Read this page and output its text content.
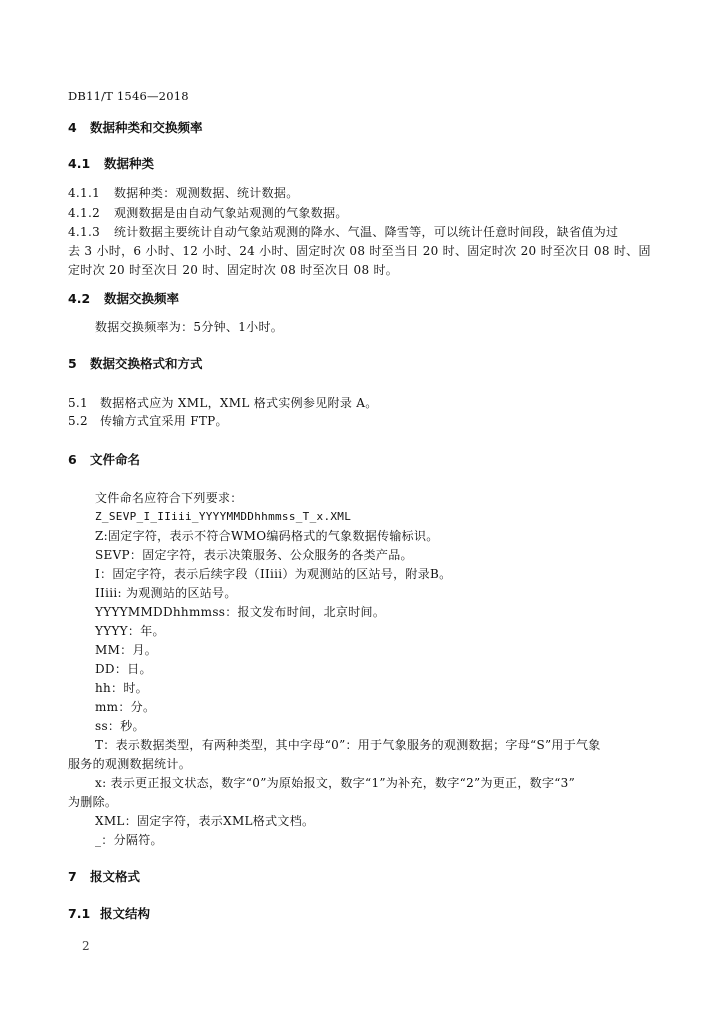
DB11/T 1546—2018
4 数据种类和交换频率
4.1 数据种类
4.1.1 数据种类：观测数据、统计数据。
4.1.2 观测数据是由自动气象站观测的气象数据。
4.1.3 统计数据主要统计自动气象站观测的降水、气温、降雪等，可以统计任意时间段，缺省值为过
去 3 小时，6 小时、12 小时、24 小时、固定时次 08 时至当日 20 时、固定时次 20 时至次日 08 时、固
定时次 20 时至次日 20 时、固定时次 08 时至次日 08 时。
4.2 数据交换频率
数据交换频率为：5分钟、1小时。
5 数据交换格式和方式
5.1 数据格式应为 XML，XML 格式实例参见附录 A。
5.2 传输方式宜采用 FTP。
6 文件命名
文件命名应符合下列要求：
Z_SEVP_I_IIiii_YYYYMMDDhhmmss_T_x.XML
Z:固定字符，表示不符合WMO编码格式的气象数据传输标识。
SEVP：固定字符，表示决策服务、公众服务的各类产品。
I：固定字符，表示后续字段（IIiii）为观测站的区站号，附录B。
IIiii: 为观测站的区站号。
YYYYMMDDhhmmss：报文发布时间，北京时间。
YYYY：年。
MM：月。
DD：日。
hh：时。
mm：分。
ss：秒。
T：表示数据类型，有两种类型，其中字母“0”：用于气象服务的观测数据；字母“S”用于气象
服务的观测数据统计。
x: 表示更正报文状态，数字“0”为原始报文，数字“1”为补充，数字“2”为更正，数字“3”
为删除。
XML：固定字符，表示XML格式文档。
_：分隔符。
7 报文格式
7.1 报文结构
2
